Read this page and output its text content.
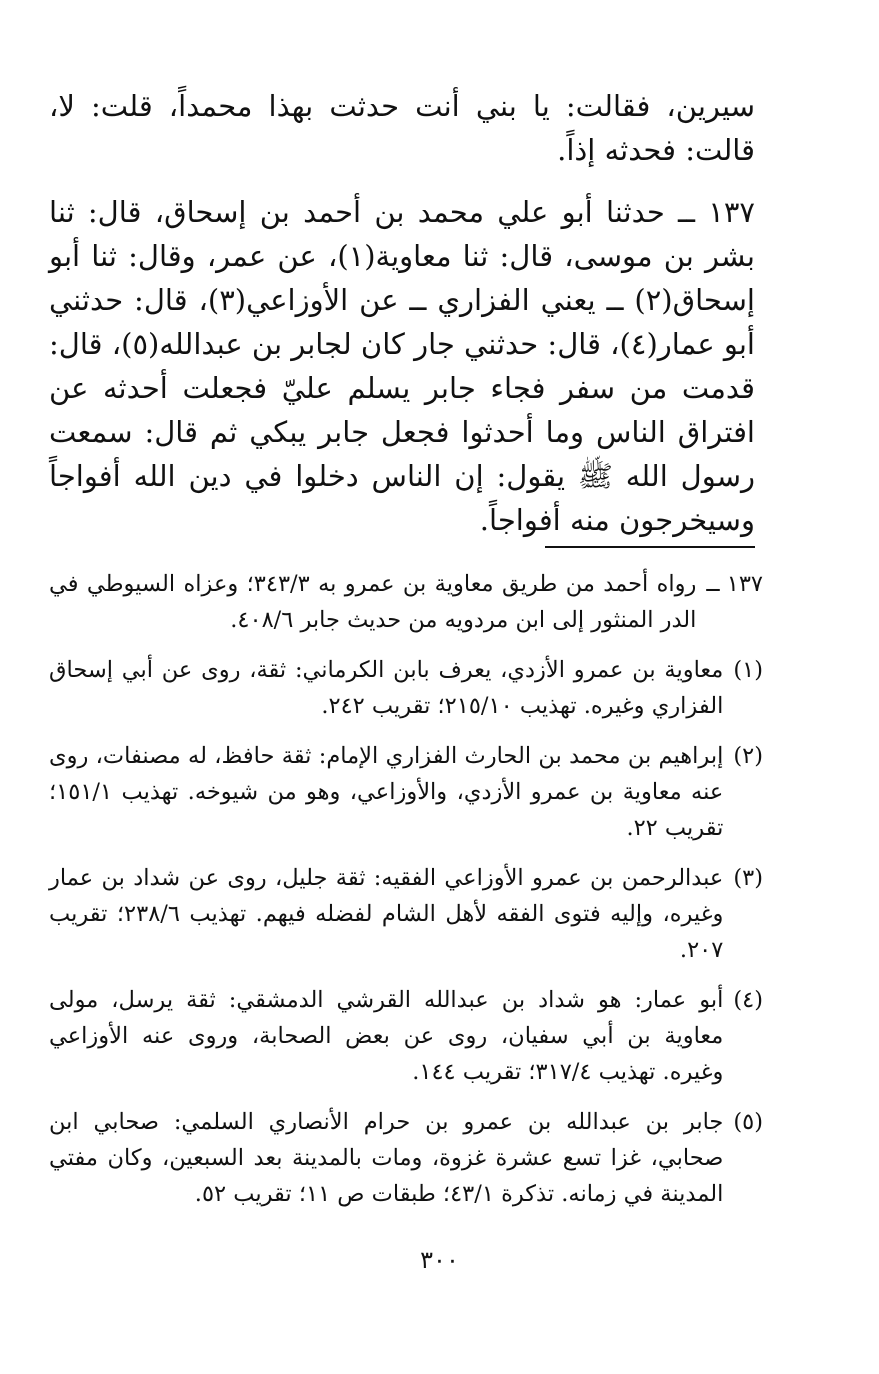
سيرين، فقالت: يا بني أنت حدثت بهذا محمداً، قلت: لا، قالت: فحدثه إذاً.

١٣٧ ــ حدثنا أبو علي محمد بن أحمد بن إسحاق، قال: ثنا بشر بن موسى، قال: ثنا معاوية(١)، عن عمر، وقال: ثنا أبو إسحاق(٢) ــ يعني الفزاري ــ عن الأوزاعي(٣)، قال: حدثني أبو عمار(٤)، قال: حدثني جار كان لجابر بن عبدالله(٥)، قال: قدمت من سفر فجاء جابر يسلم عليّ فجعلت أحدثه عن افتراق الناس وما أحدثوا فجعل جابر يبكي ثم قال: سمعت رسول الله ﷺ يقول: إن الناس دخلوا في دين الله أفواجاً وسيخرجون منه أفواجاً.

١٣٧ ــ
رواه أحمد من طريق معاوية بن عمرو به ٣٤٣/٣؛ وعزاه السيوطي في الدر المنثور إلى ابن مردويه من حديث جابر ٤٠٨/٦.
(١)
معاوية بن عمرو الأزدي، يعرف بابن الكرماني: ثقة، روى عن أبي إسحاق الفزاري وغيره. تهذيب ٢١٥/١٠؛ تقريب ٢٤٢.
(٢)
إبراهيم بن محمد بن الحارث الفزاري الإمام: ثقة حافظ، له مصنفات، روى عنه معاوية بن عمرو الأزدي، والأوزاعي، وهو من شيوخه. تهذيب ١٥١/١؛ تقريب ٢٢.
(٣)
عبدالرحمن بن عمرو الأوزاعي الفقيه: ثقة جليل، روى عن شداد بن عمار وغيره، وإليه فتوى الفقه لأهل الشام لفضله فيهم. تهذيب ٢٣٨/٦؛ تقريب ٢٠٧.
(٤)
أبو عمار: هو شداد بن عبدالله القرشي الدمشقي: ثقة يرسل، مولى معاوية بن أبي سفيان، روى عن بعض الصحابة، وروى عنه الأوزاعي وغيره. تهذيب ٣١٧/٤؛ تقريب ١٤٤.
(٥)
جابر بن عبدالله بن عمرو بن حرام الأنصاري السلمي: صحابي ابن صحابي، غزا تسع عشرة غزوة، ومات بالمدينة بعد السبعين، وكان مفتي المدينة في زمانه. تذكرة ٤٣/١؛ طبقات ص ١١؛ تقريب ٥٢.
٣٠٠
